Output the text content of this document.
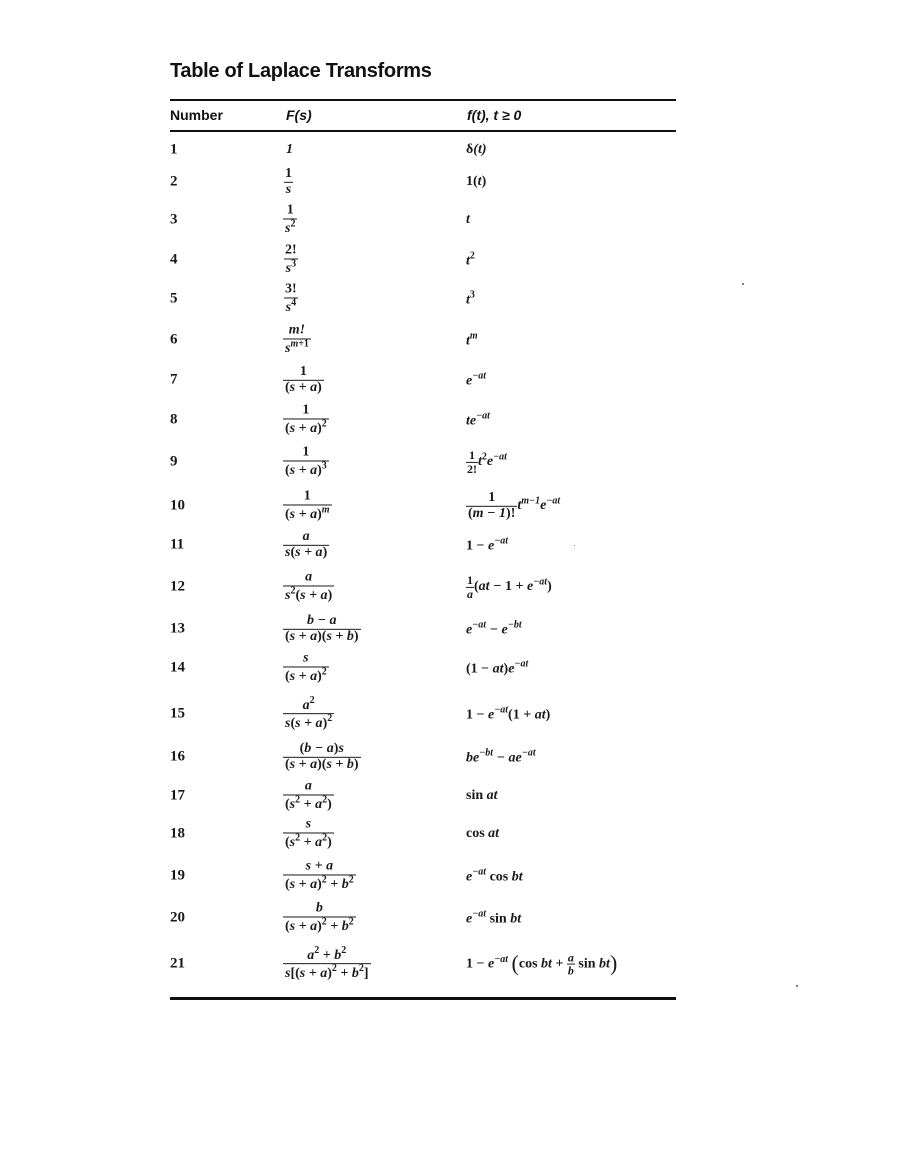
Table of Laplace Transforms
Number	F(s)	f(t), t ≥ 0
1	1	δ(t)
2	$\frac{1}{s}$	1(t)
3	$\frac{1}{s^2}$	t
4	$\frac{2!}{s^3}$	$t^2$
5	$\frac{3!}{s^4}$	$t^3$
6	$\frac{m!}{s^{m+1}}$	$t^m$
7	$\frac{1}{(s + a)}$	$e^{-at}$
8	$\frac{1}{(s + a)^2}$	$te^{-at}$
9	$\frac{1}{(s + a)^3}$	$\frac{1}{2!} t^2e^{-at}$
10	$\frac{1}{(s + a)^m}$	$\frac{1}{(m - 1)!} t^{m-1}e^{-at}$
11	$\frac{a}{s(s + a)}$	$1 - e^{-at}$
12	$\frac{a}{s^2(s + a)}$	$\frac{1}{a} (at - 1 + e^{-at})$
13	$\frac{b - a}{(s + a)(s + b)}$	$e^{-at} - e^{-bt}$
14	$\frac{s}{(s + a)^2}$	$(1 - at)e^{-at}$
15	$\frac{a^2}{s(s + a)^2}$	$1 - e^{-at}(1 + at)$
16	$\frac{(b - a)s}{(s + a)(s + b)}$	$be^{-bt} - ae^{-at}$
17	$\frac{a}{(s^2 + a^2)}$	sin at
18	$\frac{s}{(s^2 + a^2)}$	cos at
19	$\frac{s + a}{(s + a)^2 + b^2}$	$e^{-at}$ cos bt
20	$\frac{b}{(s + a)^2 + b^2}$	$e^{-at}$ sin bt
21	$\frac{a^2 + b^2}{s[(s + a)^2 + b^2]}$	$1 - e^{-at}$ (cos bt + $\frac{a}{b}$ sin bt)
